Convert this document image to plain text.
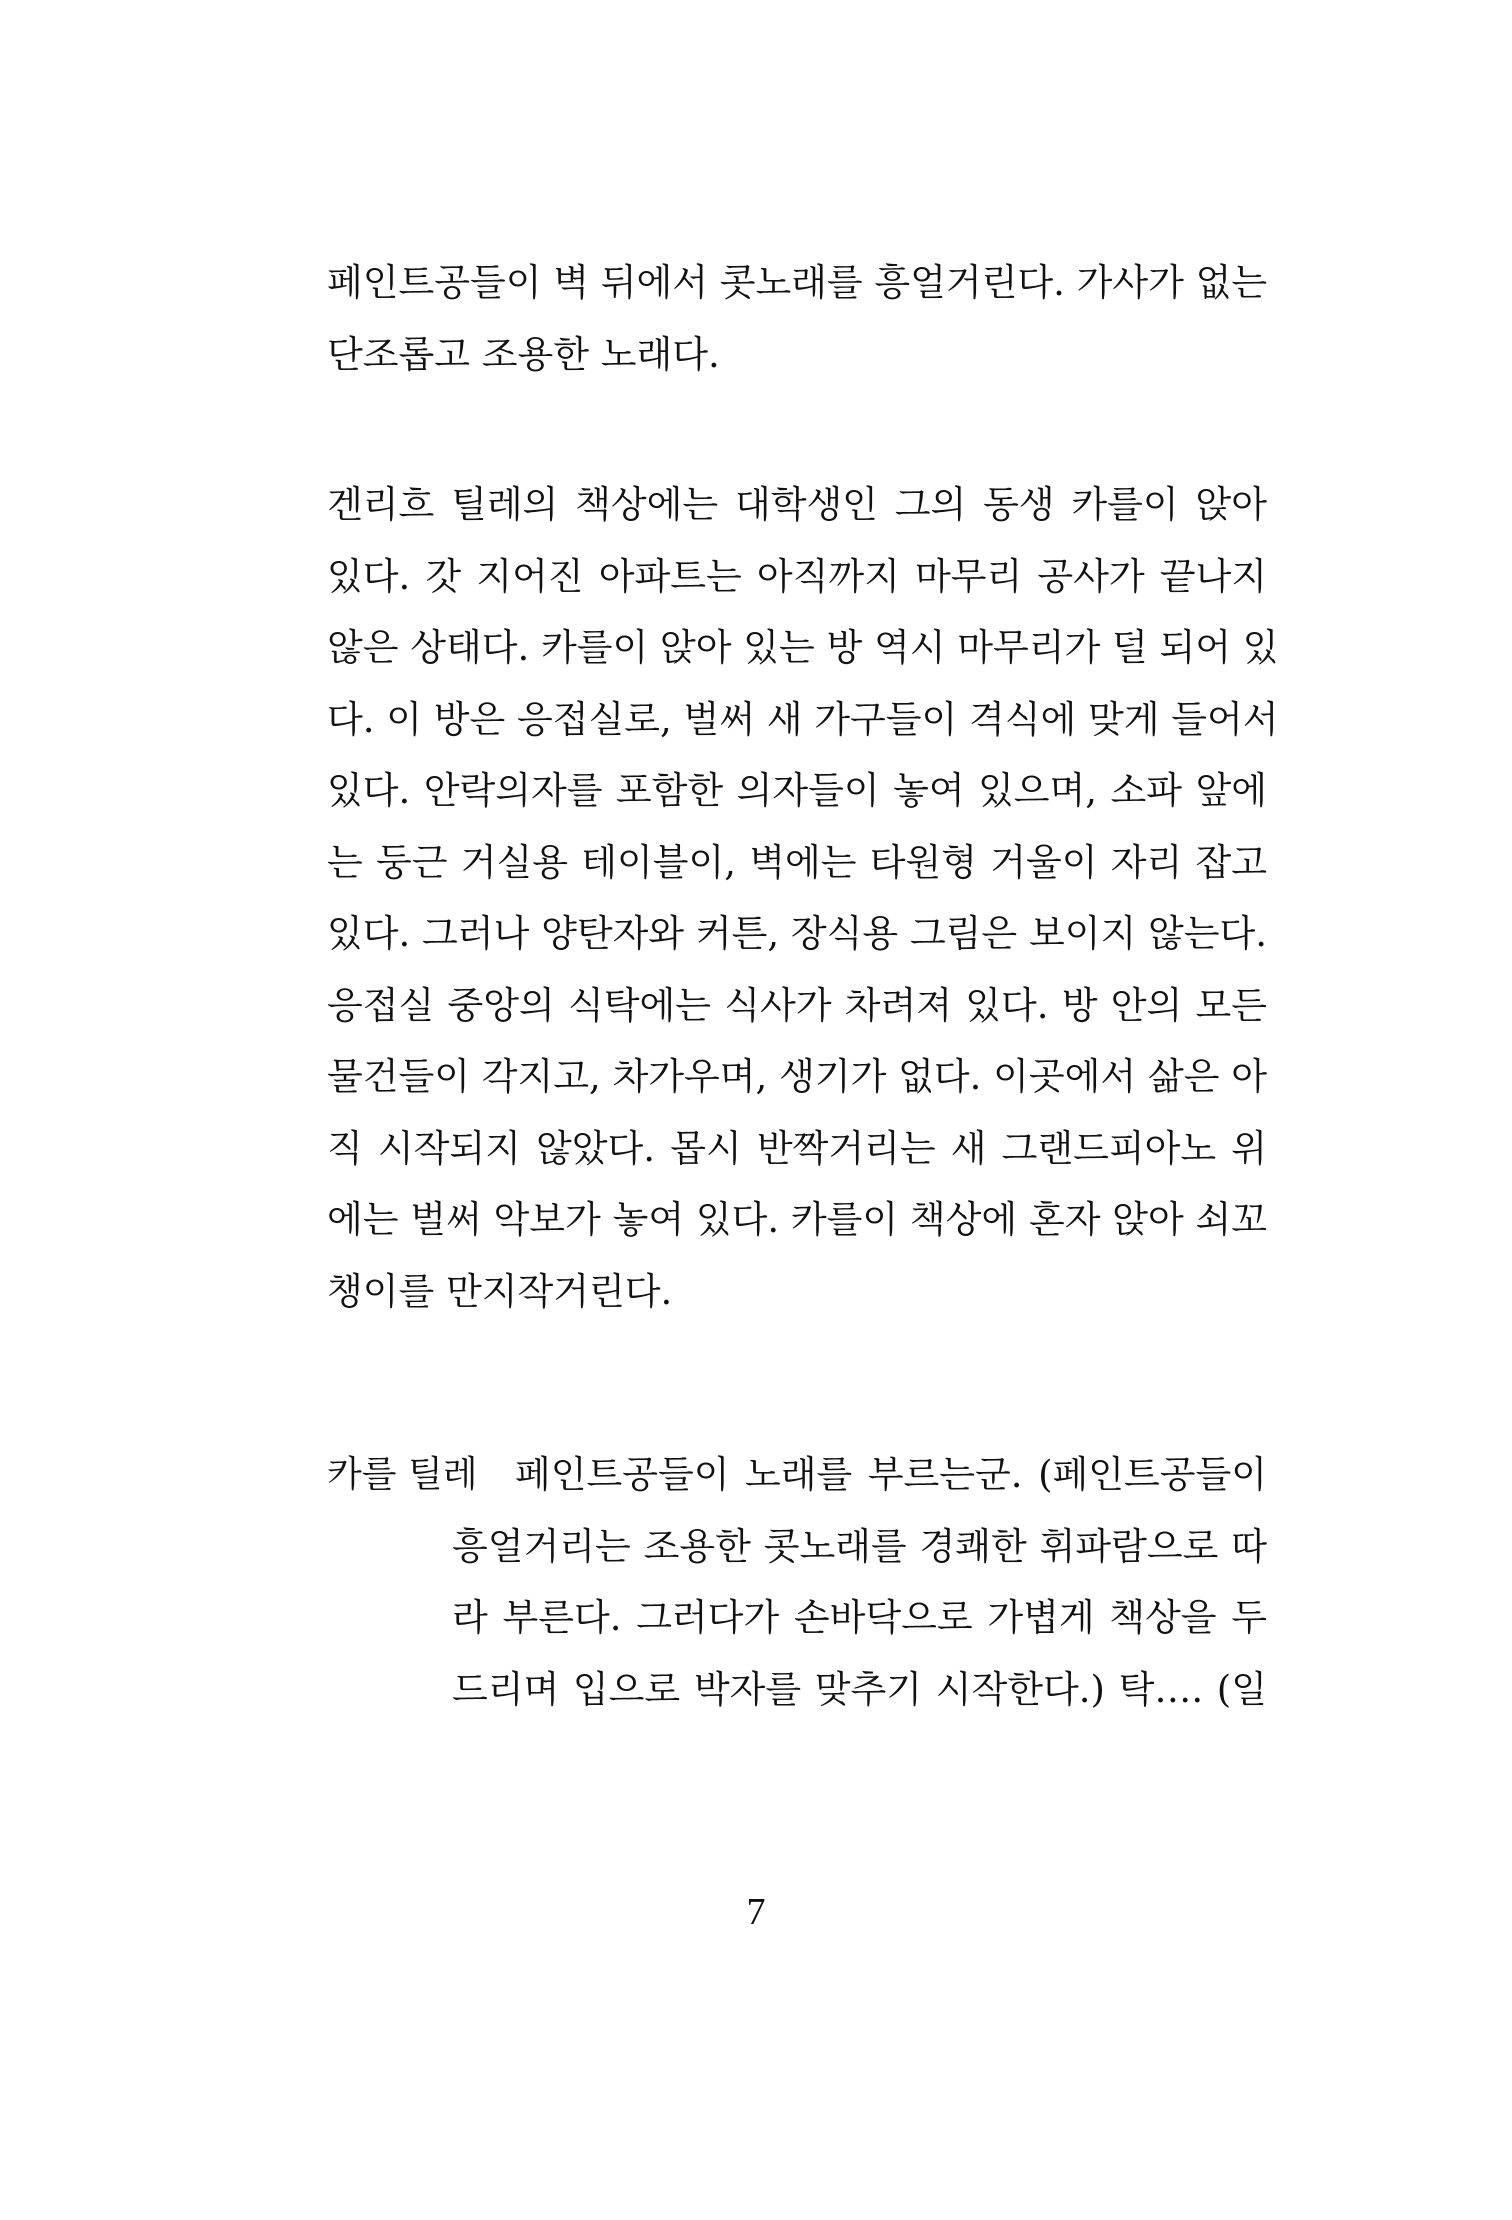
페인트공들이 벽 뒤에서 콧노래를 흥얼거린다. 가사가 없는
단조롭고 조용한 노래다.
겐리흐 틸레의 책상에는 대학생인 그의 동생 카를이 앉아
있다. 갓 지어진 아파트는 아직까지 마무리 공사가 끝나지
않은 상태다. 카를이 앉아 있는 방 역시 마무리가 덜 되어 있
다. 이 방은 응접실로, 벌써 새 가구들이 격식에 맞게 들어서
있다. 안락의자를 포함한 의자들이 놓여 있으며, 소파 앞에
는 둥근 거실용 테이블이, 벽에는 타원형 거울이 자리 잡고
있다. 그러나 양탄자와 커튼, 장식용 그림은 보이지 않는다.
응접실 중앙의 식탁에는 식사가 차려져 있다. 방 안의 모든
물건들이 각지고, 차가우며, 생기가 없다. 이곳에서 삶은 아
직 시작되지 않았다. 몹시 반짝거리는 새 그랜드피아노 위
에는 벌써 악보가 놓여 있다. 카를이 책상에 혼자 앉아 쇠꼬
챙이를 만지작거린다.
카를 틸레	페인트공들이 노래를 부르는군. (페인트공들이
흥얼거리는 조용한 콧노래를 경쾌한 휘파람으로 따
라 부른다. 그러다가 손바닥으로 가볍게 책상을 두
드리며 입으로 박자를 맞추기 시작한다.) 탁…. (일
7
